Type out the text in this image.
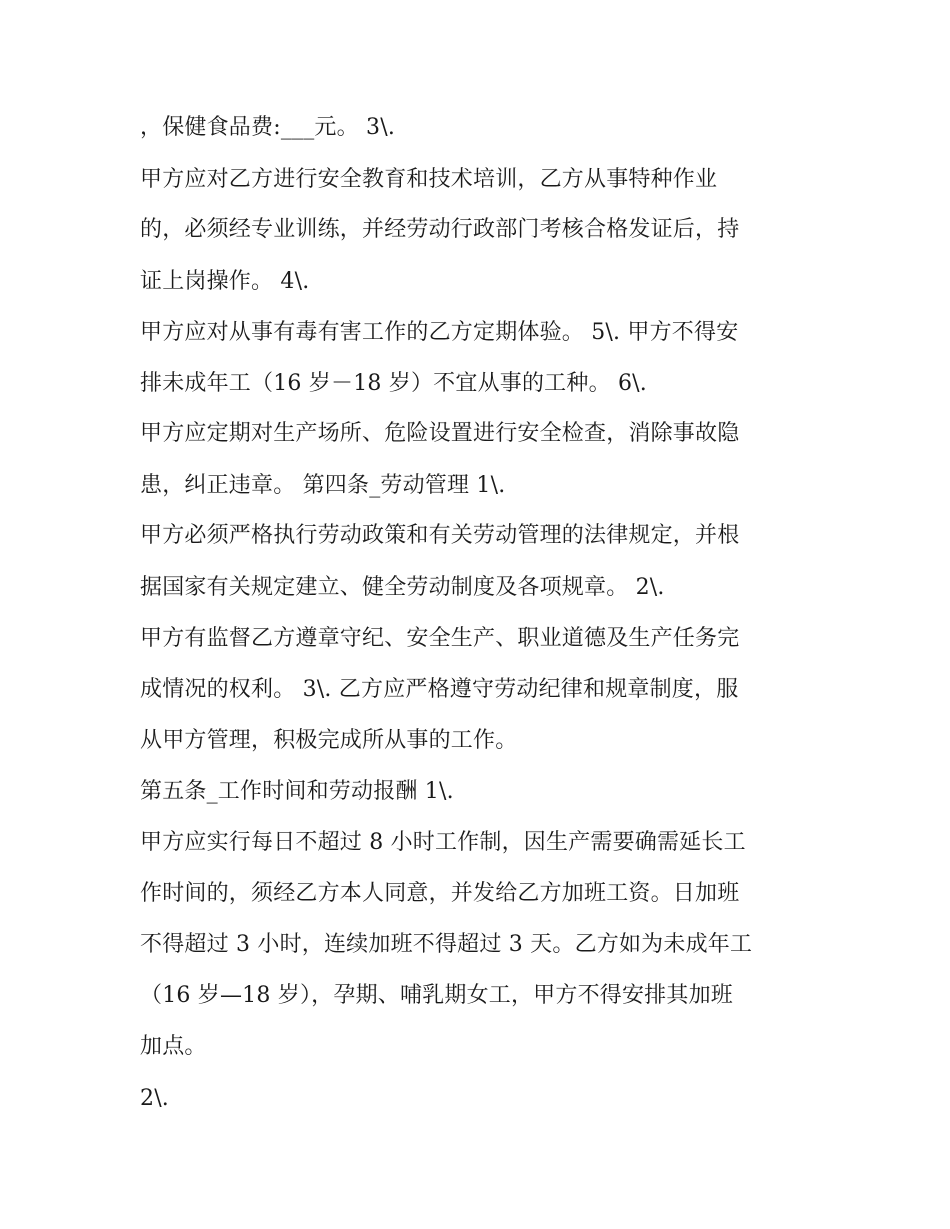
，保健食品费:___元。 3\.
甲方应对乙方进行安全教育和技术培训，乙方从事特种作业
的，必须经专业训练，并经劳动行政部门考核合格发证后，持
证上岗操作。 4\.
甲方应对从事有毒有害工作的乙方定期体验。 5\. 甲方不得安
排未成年工（16 岁－18 岁）不宜从事的工种。 6\.
甲方应定期对生产场所、危险设置进行安全检查，消除事故隐
患，纠正违章。 第四条_劳动管理 1\.
甲方必须严格执行劳动政策和有关劳动管理的法律规定，并根
据国家有关规定建立、健全劳动制度及各项规章。 2\.
甲方有监督乙方遵章守纪、安全生产、职业道德及生产任务完
成情况的权利。 3\. 乙方应严格遵守劳动纪律和规章制度，服
从甲方管理，积极完成所从事的工作。
第五条_工作时间和劳动报酬 1\.
甲方应实行每日不超过 8 小时工作制，因生产需要确需延长工
作时间的，须经乙方本人同意，并发给乙方加班工资。日加班
不得超过 3 小时，连续加班不得超过 3 天。乙方如为未成年工
（16 岁—18 岁），孕期、哺乳期女工，甲方不得安排其加班
加点。
2\.
